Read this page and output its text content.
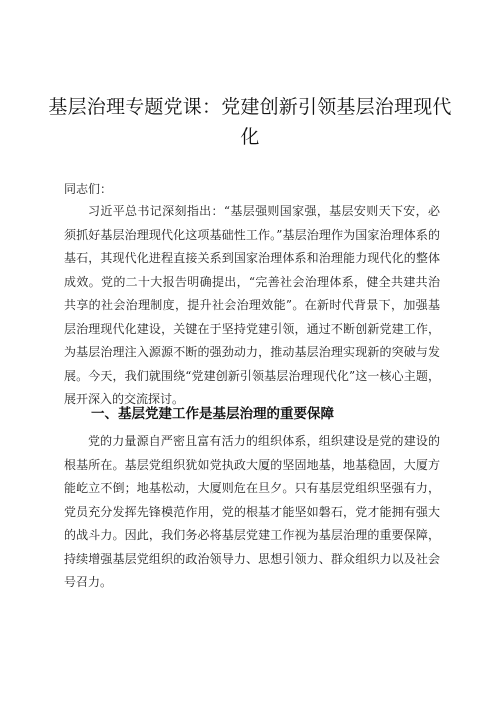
基层治理专题党课：党建创新引领基层治理现代化
同志们：
习近平总书记深刻指出：“基层强则国家强，基层安则天下安，必须抓好基层治理现代化这项基础性工作。”基层治理作为国家治理体系的基石，其现代化进程直接关系到国家治理体系和治理能力现代化的整体成效。党的二十大报告明确提出，“完善社会治理体系，健全共建共治共享的社会治理制度，提升社会治理效能”。在新时代背景下，加强基层治理现代化建设，关键在于坚持党建引领，通过不断创新党建工作，为基层治理注入源源不断的强劲动力，推动基层治理实现新的突破与发展。今天，我们就围绕“党建创新引领基层治理现代化”这一核心主题，展开深入的交流探讨。
一、基层党建工作是基层治理的重要保障
党的力量源自严密且富有活力的组织体系，组织建设是党的建设的根基所在。基层党组织犹如党执政大厦的坚固地基，地基稳固，大厦方能屹立不倒；地基松动，大厦则危在旦夕。只有基层党组织坚强有力，党员充分发挥先锋模范作用，党的根基才能坚如磐石，党才能拥有强大的战斗力。因此，我们务必将基层党建工作视为基层治理的重要保障，持续增强基层党组织的政治领导力、思想引领力、群众组织力以及社会号召力。
